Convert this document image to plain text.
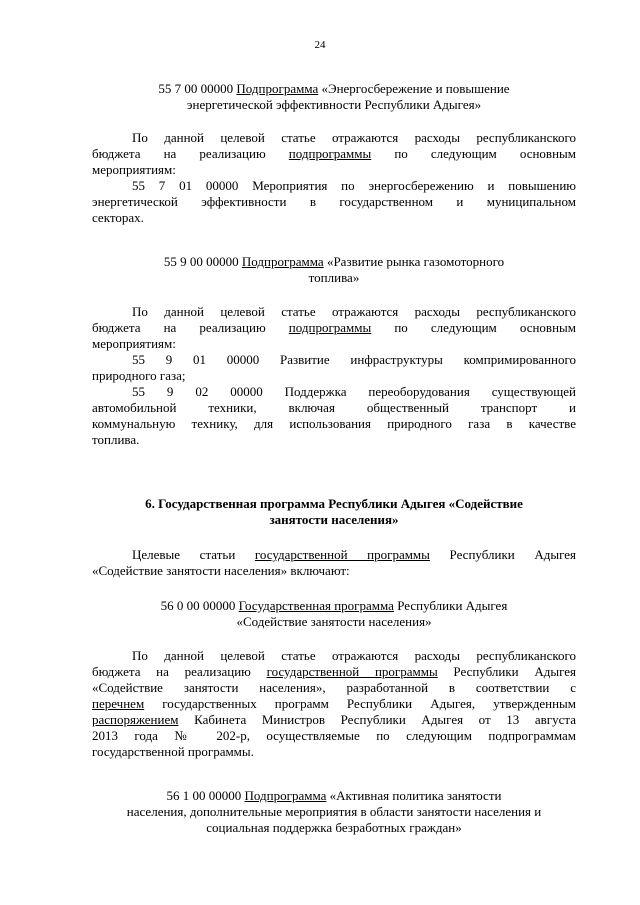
24
55 7 00 00000 Подпрограмма «Энергосбережение и повышение
энергетической эффективности Республики Адыгея»
По данной целевой статье отражаются расходы республиканского
бюджета на реализацию подпрограммы по следующим основным
мероприятиям:
55 7 01 00000 Мероприятия по энергосбережению и повышению
энергетической эффективности в государственном и муниципальном
секторах.
55 9 00 00000 Подпрограмма «Развитие рынка газомоторного
топлива»
По данной целевой статье отражаются расходы республиканского
бюджета на реализацию подпрограммы по следующим основным
мероприятиям:
55 9 01 00000 Развитие инфраструктуры компримированного
природного газа;
55 9 02 00000 Поддержка переоборудования существующей
автомобильной техники, включая общественный транспорт и
коммунальную технику, для использования природного газа в качестве
топлива.
6. Государственная программа Республики Адыгея «Содействие
занятости населения»
Целевые статьи государственной программы Республики Адыгея
«Содействие занятости населения» включают:
56 0 00 00000 Государственная программа Республики Адыгея
«Содействие занятости населения»
По данной целевой статье отражаются расходы республиканского
бюджета на реализацию государственной программы Республики Адыгея
«Содействие занятости населения», разработанной в соответствии с
перечнем государственных программ Республики Адыгея, утвержденным
распоряжением Кабинета Министров Республики Адыгея от 13 августа
2013 года № 202-р, осуществляемые по следующим подпрограммам
государственной программы.
56 1 00 00000 Подпрограмма «Активная политика занятости
населения, дополнительные мероприятия в области занятости населения и
социальная поддержка безработных граждан»
